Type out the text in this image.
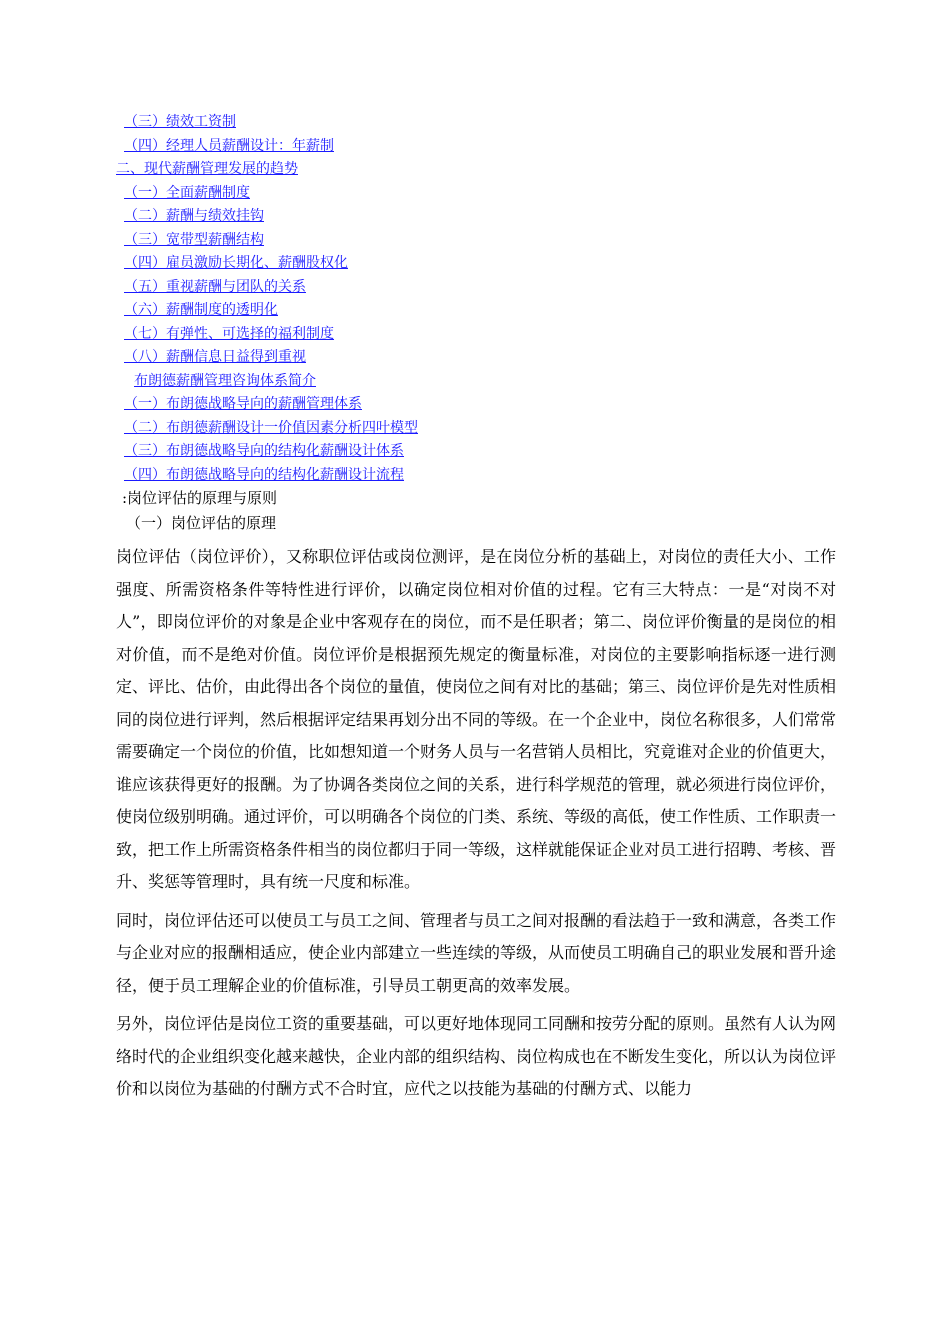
（三）绩效工资制
（四）经理人员薪酬设计：年薪制
二、现代薪酬管理发展的趋势
（一）全面薪酬制度
（二）薪酬与绩效挂钩
（三）宽带型薪酬结构
（四）雇员激励长期化、薪酬股权化
（五）重视薪酬与团队的关系
（六）薪酬制度的透明化
（七）有弹性、可选择的福利制度
（八）薪酬信息日益得到重视
布朗德薪酬管理咨询体系简介
（一）布朗德战略导向的薪酬管理体系
（二）布朗德薪酬设计一价值因素分析四叶模型
（三）布朗德战略导向的结构化薪酬设计体系
（四）布朗德战略导向的结构化薪酬设计流程
:岗位评估的原理与原则
（一）岗位评估的原理

岗位评估（岗位评价），又称职位评估或岗位测评，是在岗位分析的基础上，对岗位的责任大小、工作强度、所需资格条件等特性进行评价，以确定岗位相对价值的过程。它有三大特点：一是“对岗不对人”，即岗位评价的对象是企业中客观存在的岗位，而不是任职者；第二、岗位评价衡量的是岗位的相对价值，而不是绝对价值。岗位评价是根据预先规定的衡量标准，对岗位的主要影响指标逐一进行测定、评比、估价，由此得出各个岗位的量值，使岗位之间有对比的基础；第三、岗位评价是先对性质相同的岗位进行评判，然后根据评定结果再划分出不同的等级。在一个企业中，岗位名称很多，人们常常需要确定一个岗位的价值，比如想知道一个财务人员与一名营销人员相比，究竟谁对企业的价值更大，谁应该获得更好的报酬。为了协调各类岗位之间的关系，进行科学规范的管理，就必须进行岗位评价，使岗位级别明确。通过评价，可以明确各个岗位的门类、系统、等级的高低，使工作性质、工作职责一致，把工作上所需资格条件相当的岗位都归于同一等级，这样就能保证企业对员工进行招聘、考核、晋升、奖惩等管理时，具有统一尺度和标准。

同时，岗位评估还可以使员工与员工之间、管理者与员工之间对报酬的看法趋于一致和满意，各类工作与企业对应的报酬相适应，使企业内部建立一些连续的等级，从而使员工明确自己的职业发展和晋升途径，便于员工理解企业的价值标准，引导员工朝更高的效率发展。

另外，岗位评估是岗位工资的重要基础，可以更好地体现同工同酬和按劳分配的原则。虽然有人认为网络时代的企业组织变化越来越快，企业内部的组织结构、岗位构成也在不断发生变化，所以认为岗位评价和以岗位为基础的付酬方式不合时宜，应代之以技能为基础的付酬方式、以能力
